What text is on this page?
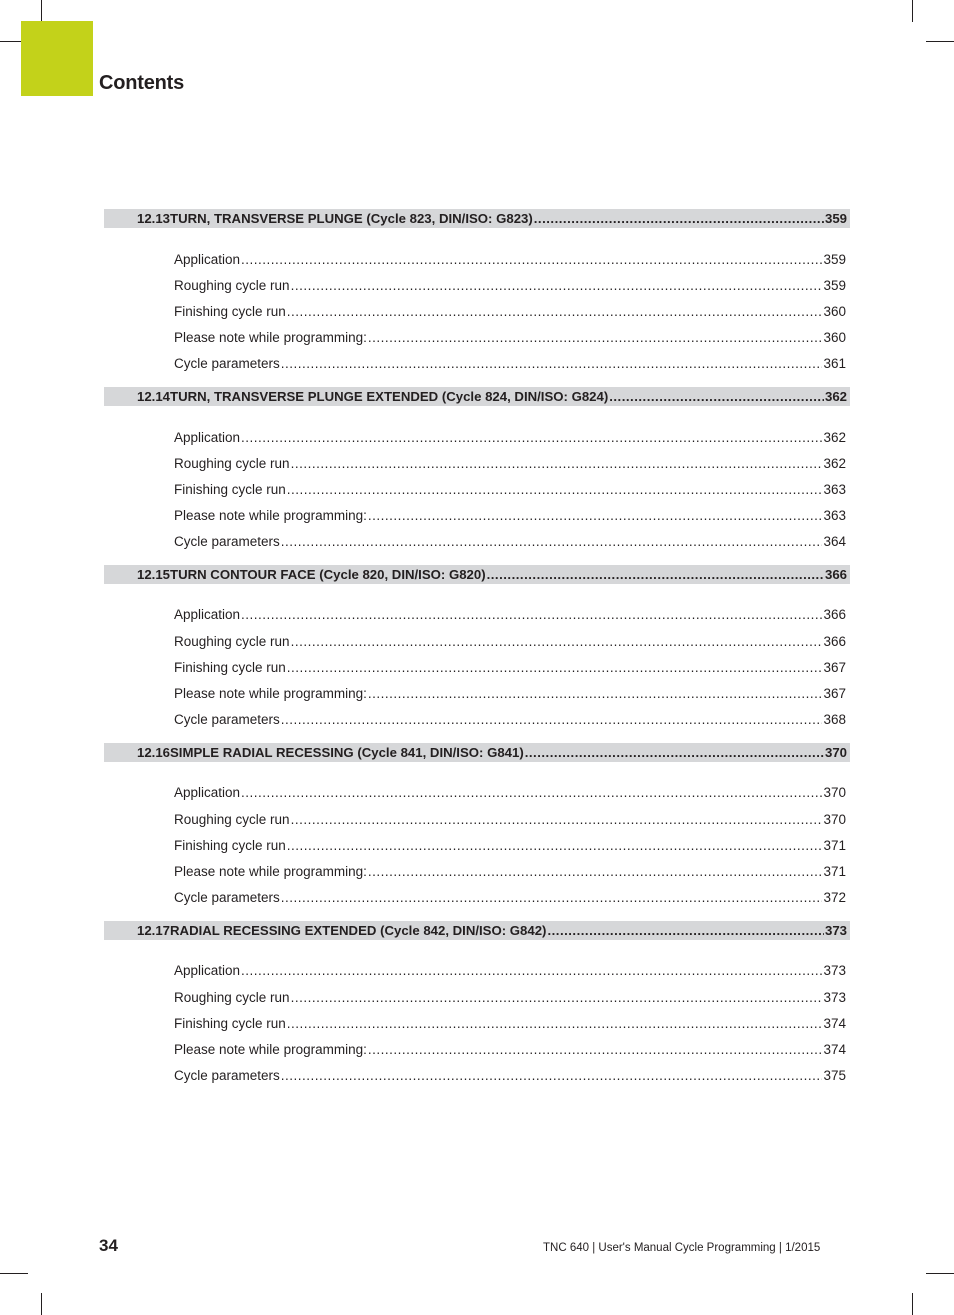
Contents
12.13TURN, TRANSVERSE PLUNGE (Cycle 823, DIN/ISO: G823) .....	359
Application .....	359
Roughing cycle run .....	359
Finishing cycle run .....	360
Please note while programming: .....	360
Cycle parameters .....	361
12.14TURN, TRANSVERSE PLUNGE EXTENDED (Cycle 824, DIN/ISO: G824) .....	362
Application .....	362
Roughing cycle run .....	362
Finishing cycle run .....	363
Please note while programming: .....	363
Cycle parameters .....	364
12.15TURN CONTOUR FACE (Cycle 820, DIN/ISO: G820) .....	366
Application .....	366
Roughing cycle run .....	366
Finishing cycle run .....	367
Please note while programming: .....	367
Cycle parameters .....	368
12.16SIMPLE RADIAL RECESSING (Cycle 841, DIN/ISO: G841) .....	370
Application .....	370
Roughing cycle run .....	370
Finishing cycle run .....	371
Please note while programming: .....	371
Cycle parameters .....	372
12.17RADIAL RECESSING EXTENDED (Cycle 842, DIN/ISO: G842) .....	373
Application .....	373
Roughing cycle run .....	373
Finishing cycle run .....	374
Please note while programming: .....	374
Cycle parameters .....	375
34	TNC 640 | User's Manual Cycle Programming | 1/2015
